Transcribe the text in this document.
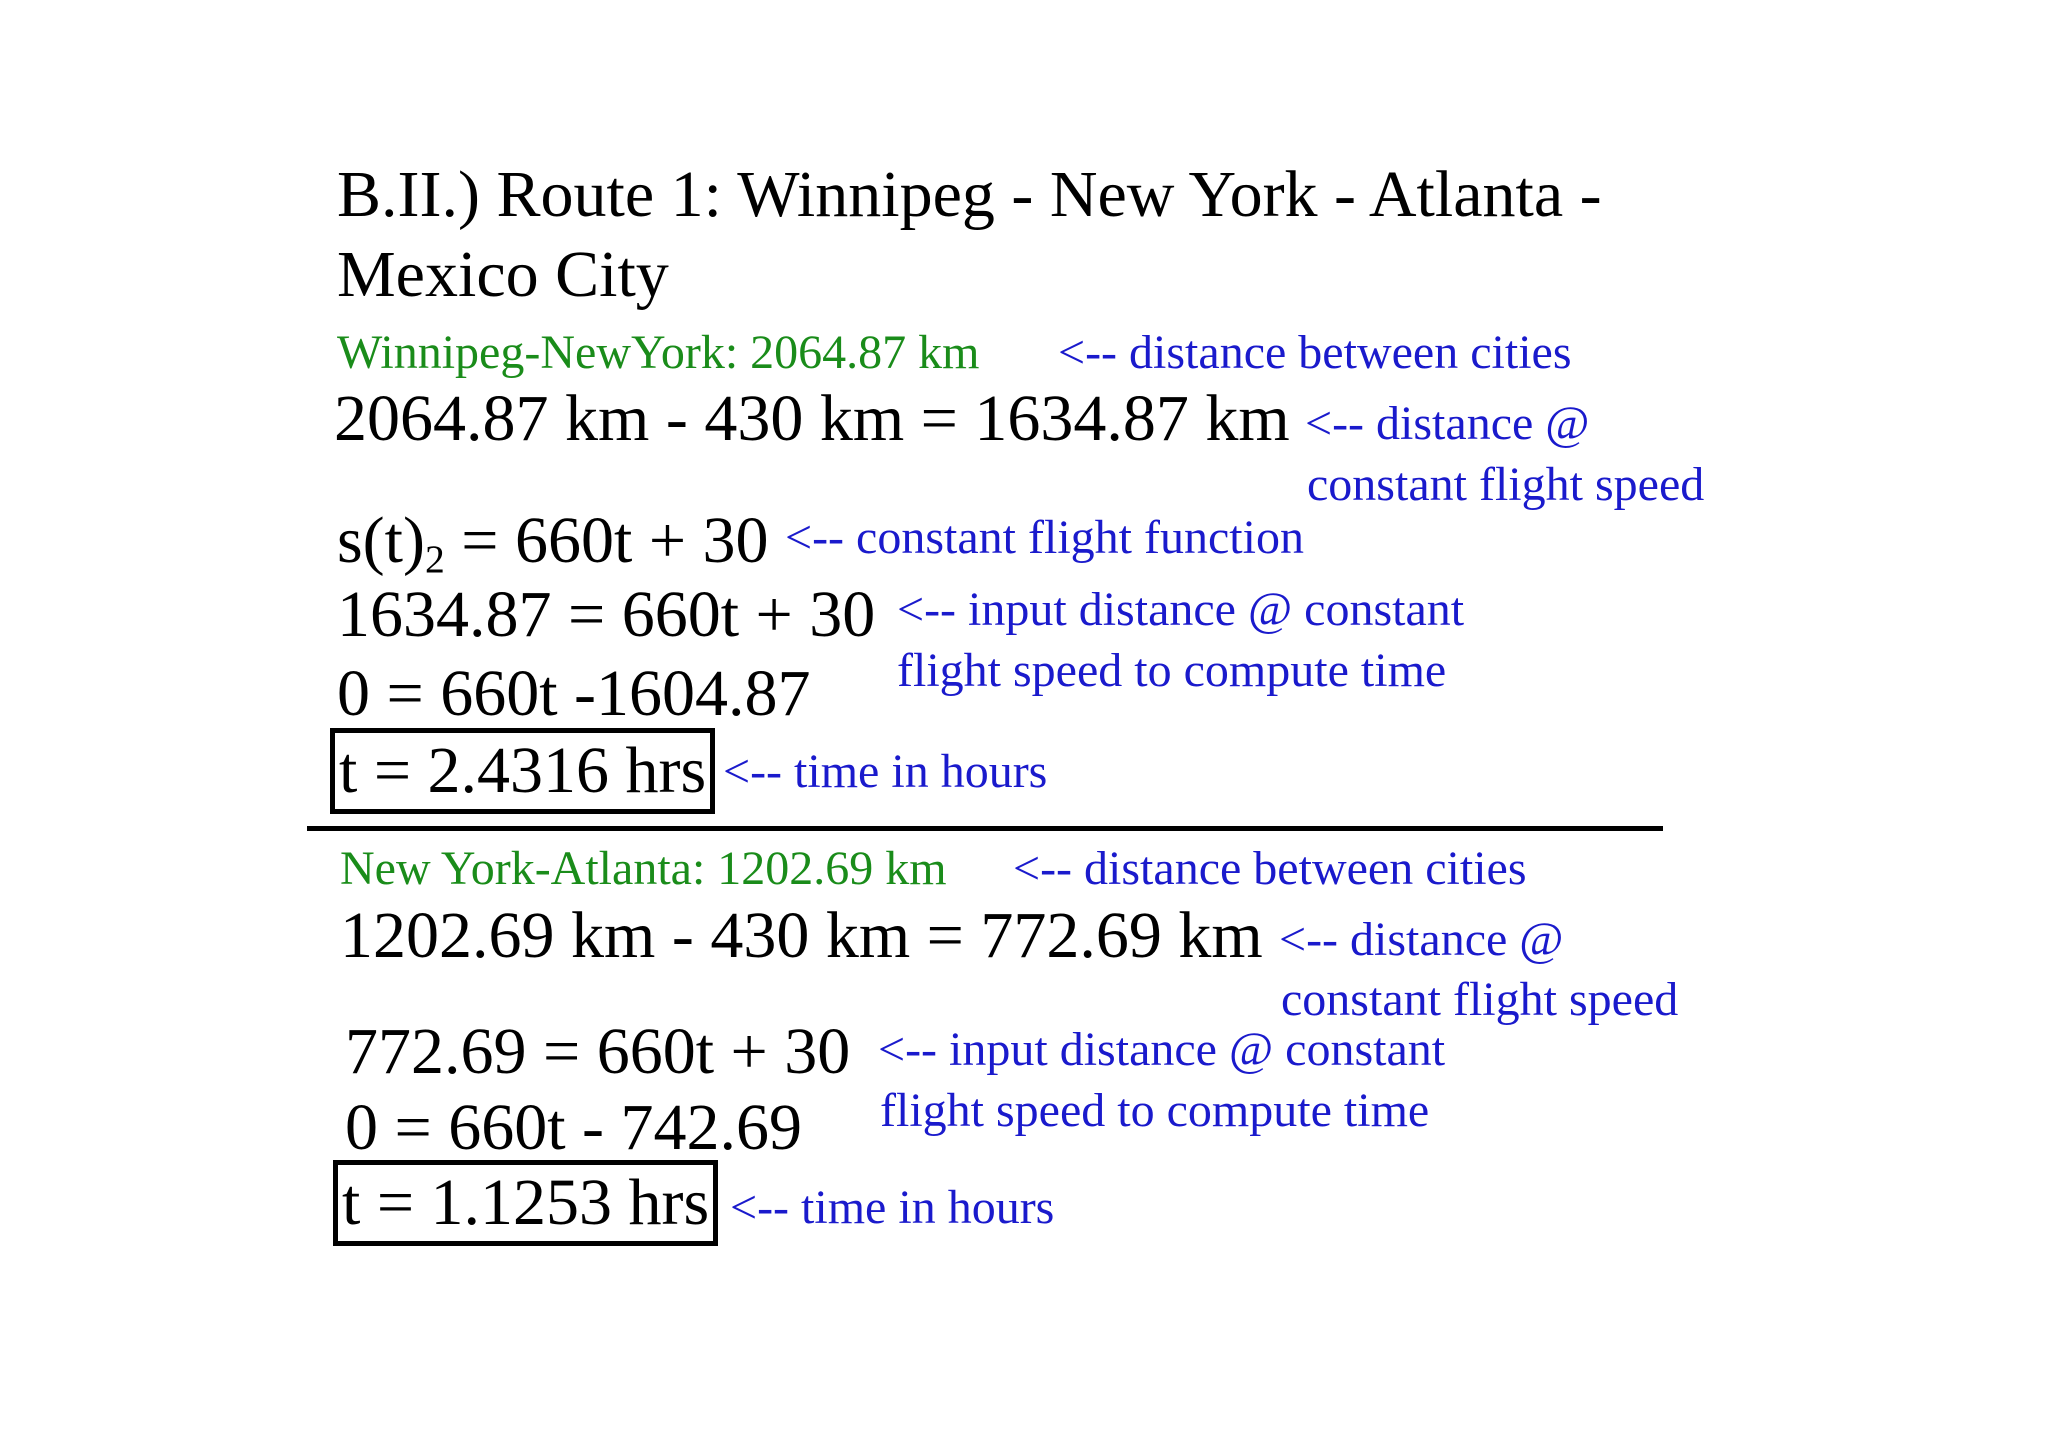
B.II.) Route 1: Winnipeg - New York - Atlanta -
Mexico City
Winnipeg-NewYork: 2064.87 km <-- distance between cities
2064.87 km - 430 km = 1634.87 km <-- distance @
constant flight speed
$s(t)_2 = 660t + 30$ <-- constant flight function
1634.87 = 660t + 30 <-- input distance @ constant
flight speed to compute time
0 = 660t -1604.87
t = 2.4316 hrs <-- time in hours
New York-Atlanta: 1202.69 km <-- distance between cities
1202.69 km - 430 km = 772.69 km <-- distance @
constant flight speed
772.69 = 660t + 30 <-- input distance @ constant
flight speed to compute time
0 = 660t - 742.69
t = 1.1253 hrs <-- time in hours
